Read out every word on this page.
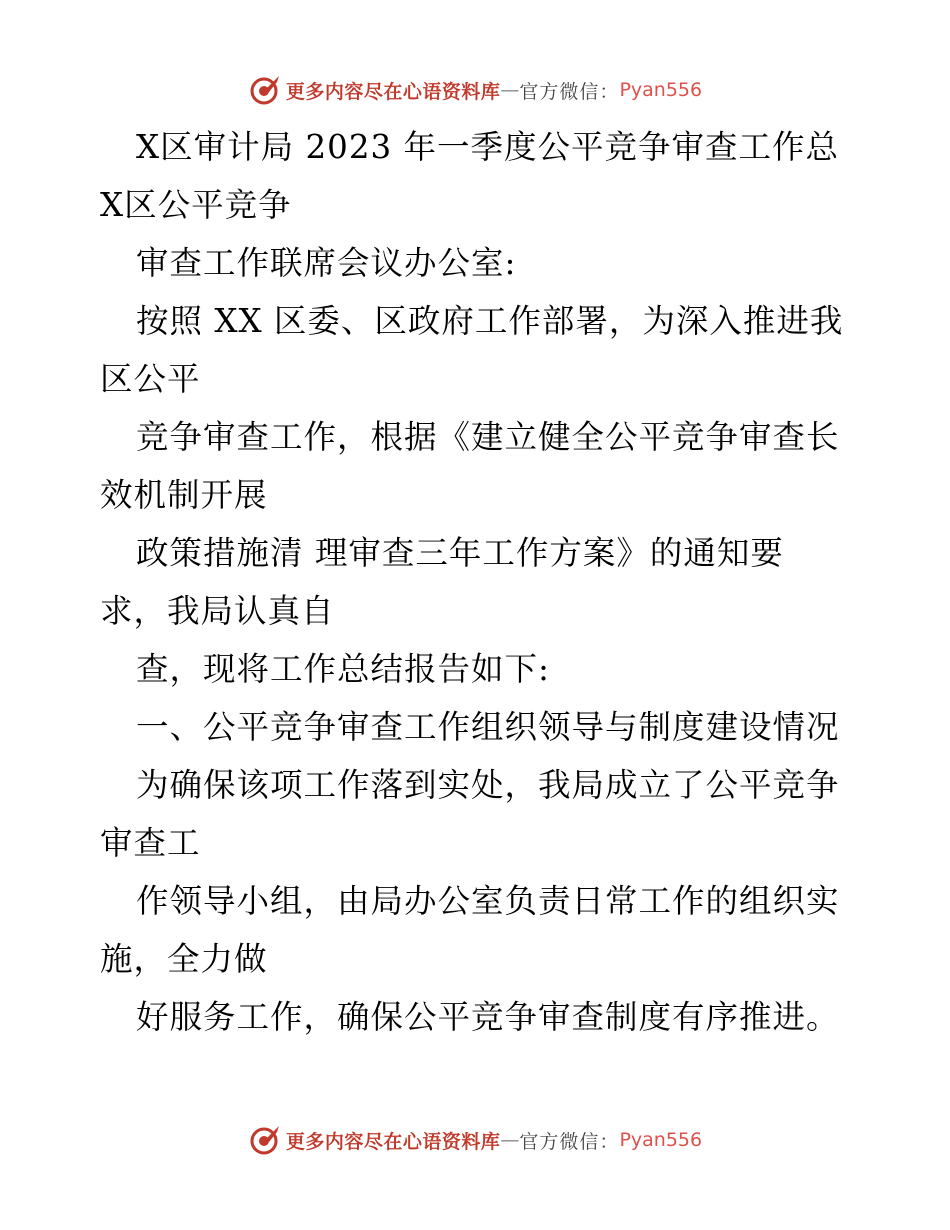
更多内容尽在心语资料库 — 官方微信： Pyan556
X区审计局 2023 年一季度公平竞争审查工作总
X区公平竞争
审查工作联席会议办公室:
按照 XX 区委、区政府工作部署，为深入推进我
区公平
竞争审查工作，根据《建立健全公平竞争审查长
效机制开展
政策措施清 理审查三年工作方案》的通知要
求，我局认真自
查，现将工作总结报告如下:
一、公平竞争审查工作组织领导与制度建设情况
为确保该项工作落到实处，我局成立了公平竞争
审查工
作领导小组，由局办公室负责日常工作的组织实
施，全力做
好服务工作，确保公平竞争审查制度有序推进。
更多内容尽在心语资料库 — 官方微信： Pyan556
